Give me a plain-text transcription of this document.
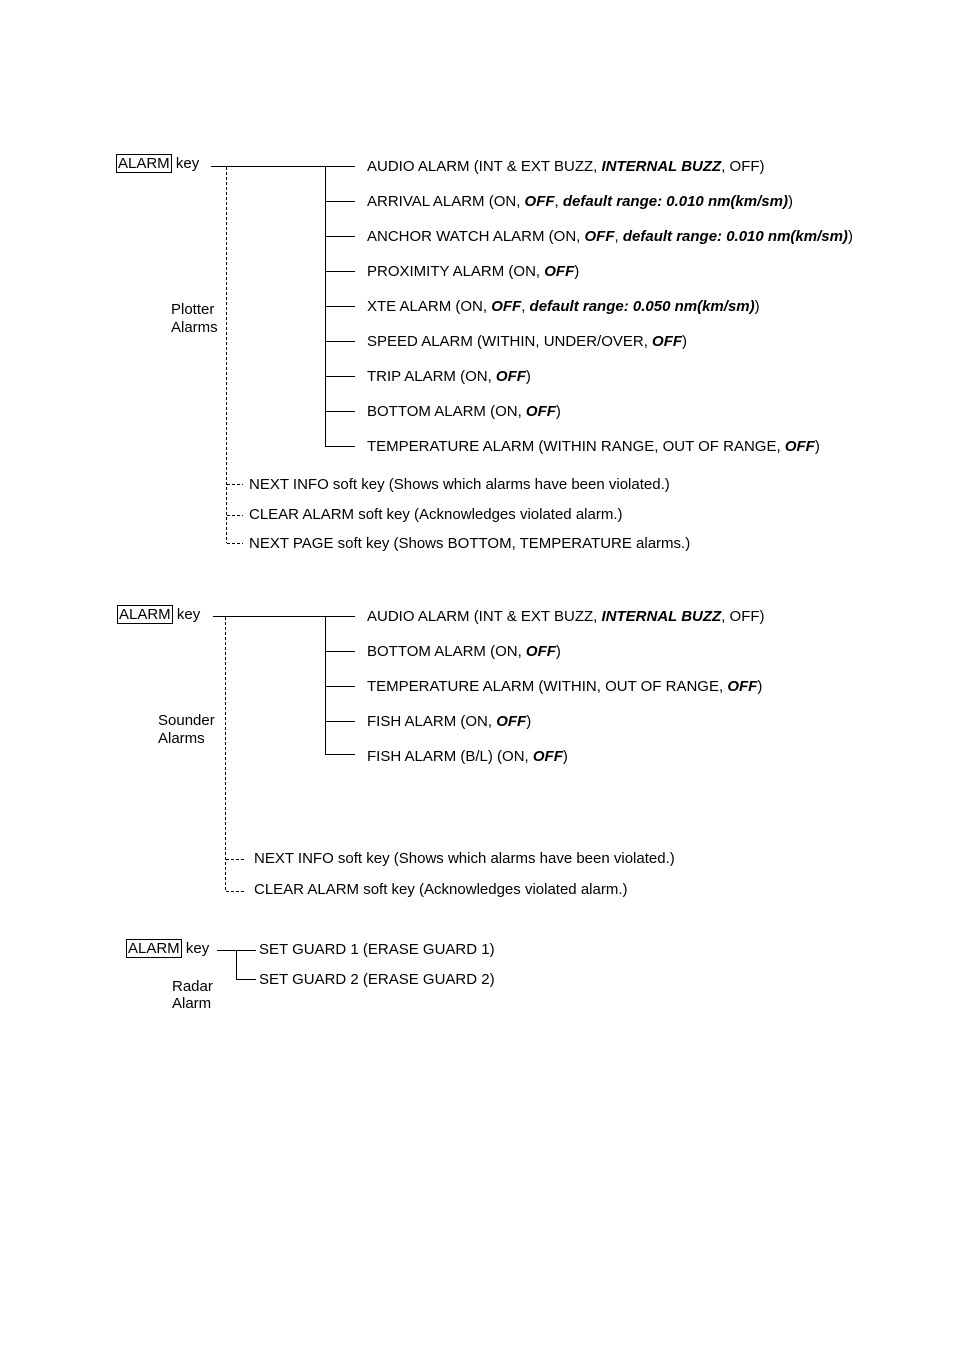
ALARM key
Plotter
Alarms
AUDIO ALARM (INT & EXT BUZZ, INTERNAL BUZZ, OFF)
ARRIVAL ALARM (ON, OFF, default range: 0.010 nm(km/sm))
ANCHOR WATCH ALARM (ON, OFF, default range: 0.010 nm(km/sm))
PROXIMITY ALARM (ON, OFF)
XTE ALARM (ON, OFF, default range: 0.050 nm(km/sm))
SPEED ALARM (WITHIN, UNDER/OVER, OFF)
TRIP ALARM (ON, OFF)
BOTTOM ALARM (ON, OFF)
TEMPERATURE ALARM (WITHIN RANGE, OUT OF RANGE, OFF)
NEXT INFO soft key (Shows which alarms have been violated.)
CLEAR ALARM soft key (Acknowledges violated alarm.)
NEXT PAGE soft key (Shows BOTTOM, TEMPERATURE alarms.)
ALARM key
Sounder
Alarms
AUDIO ALARM (INT & EXT BUZZ, INTERNAL BUZZ, OFF)
BOTTOM ALARM (ON, OFF)
TEMPERATURE ALARM (WITHIN, OUT OF RANGE, OFF)
FISH ALARM (ON, OFF)
FISH ALARM (B/L) (ON, OFF)
NEXT INFO soft key (Shows which alarms have been violated.)
CLEAR ALARM soft key (Acknowledges violated alarm.)
ALARM key
Radar
Alarm
SET GUARD 1 (ERASE GUARD 1)
SET GUARD 2 (ERASE GUARD 2)
